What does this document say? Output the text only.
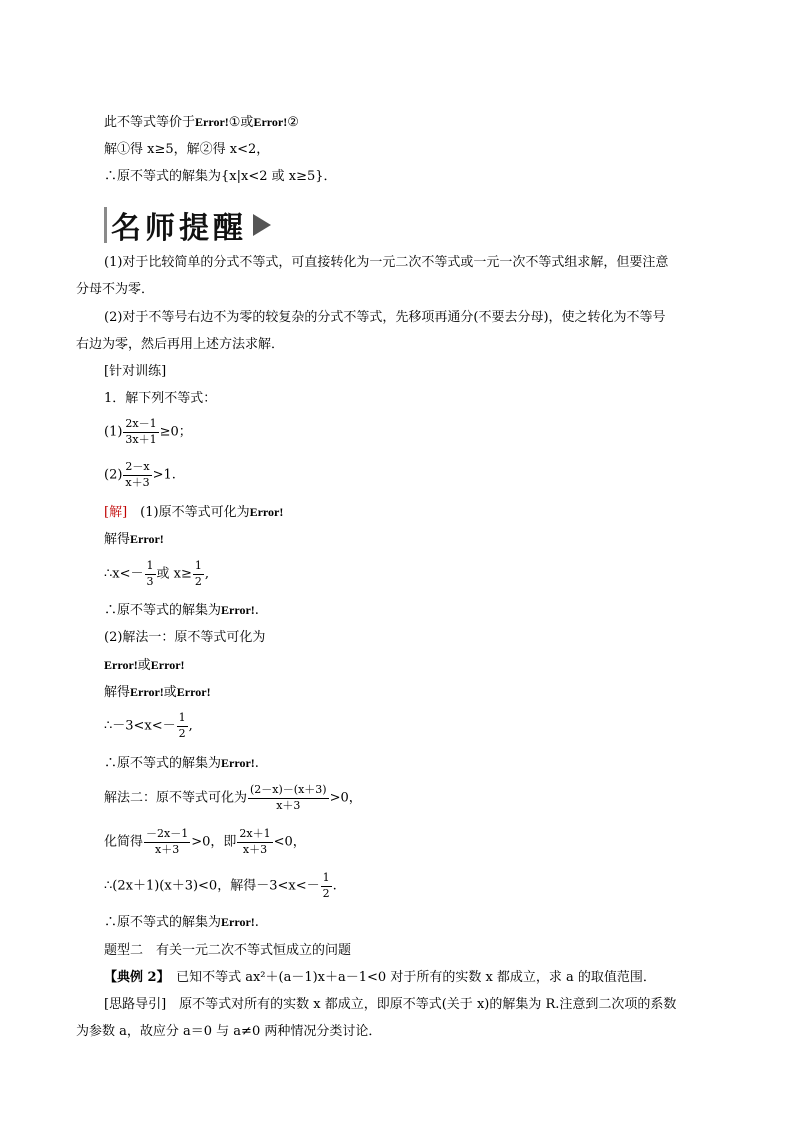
此不等式等价于Error!①或Error!②
解①得 x≥5，解②得 x<2，
∴原不等式的解集为{x|x<2 或 x≥5}．
名师提醒
(1)对于比较简单的分式不等式，可直接转化为一元二次不等式或一元一次不等式组求解，但要注意
分母不为零．
(2)对于不等号右边不为零的较复杂的分式不等式，先移项再通分(不要去分母)，使之转化为不等号
右边为零，然后再用上述方法求解．
[针对训练]
1．解下列不等式：
$(1) \frac{2x-1}{3x+1} \ge 0$；
$(2) \frac{2-x}{x+3} >1$.
[解]　 (1)原不等式可化为Error!
解得Error!
∴x<－ $\frac{1}{3}$ 或 $x\ge \frac{1}{2}$ ,
∴原不等式的解集为Error!.
(2)解法一：原不等式可化为
Error!或Error!
解得Error!或Error!
∴－3<x<－ $\frac{1}{2}$ ,
∴原不等式的解集为Error!.
解法二：原不等式可化为 $\frac{(2-x)-(x+3)}{x+3} >0$，
化简得 $\frac{-2x-1}{x+3} >0$，即 $\frac{2x+1}{x+3} <0$，
∴(2x＋1)(x＋3)<0，解得$-3<x<- \frac{1}{2}$ .
∴原不等式的解集为Error!.
题型二　有关一元二次不等式恒成立的问题
【典例 2】　已知不等式 ax²＋(a－1)x＋a－1<0 对于所有的实数 x 都成立，求 a 的取值范围．
[思路导引]　原不等式对所有的实数 x 都成立，即原不等式(关于 x)的解集为 R.注意到二次项的系数
为参数 a，故应分 a＝0 与 a≠0 两种情况分类讨论．
